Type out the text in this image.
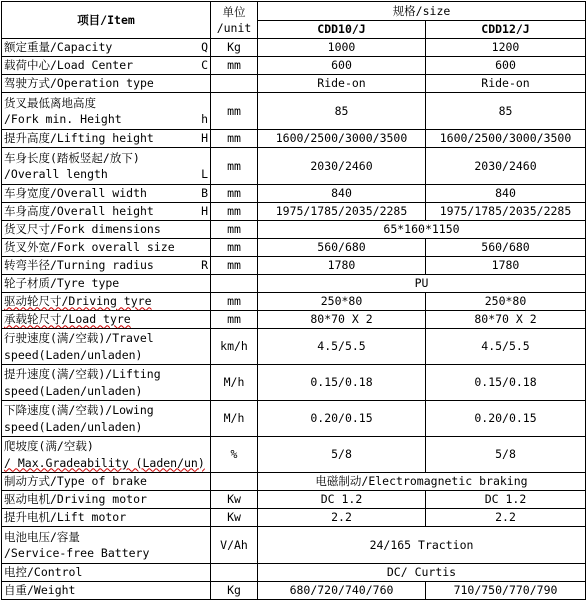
项目/Item	单位
/unit	规格/size	
		CDD10/J	CDD12/J

额定重量/Capacity Q	Kg	1000	1200

载荷中心/Load Center C	mm	600	600

驾驶方式/Operation type		Ride-on	Ride-on

货叉最低离地高度
/Fork min. Height h	mm	85	85

提升高度/Lifting height H	mm	1600/2500/3000/3500	1600/2500/3000/3500

车身长度(踏板竖起/放下)
/Overall length L	mm	2030/2460	2030/2460

车身宽度/Overall width B	mm	840	840

车身高度/Overall height H	mm	1975/1785/2035/2285	1975/1785/2035/2285

货叉尺寸/Fork dimensions	mm	65*160*1150	

货叉外宽/Fork overall size	mm	560/680	560/680

转弯半径/Turning radius R	mm	1780	1780

轮子材质/Tyre type		PU	

驱动轮尺寸/Driving tyre	mm	250*80	250*80

承载轮尺寸/Load tyre	mm	80*70 X 2	80*70 X 2

行驶速度(满/空载)/Travel
speed(Laden/unladen)	km/h	4.5/5.5	4.5/5.5

提升速度(满/空载)/Lifting
speed(Laden/unladen)	M/h	0.15/0.18	0.15/0.18

下降速度(满/空载)/Lowing
speed(Laden/unladen)	M/h	0.20/0.15	0.20/0.15

爬坡度(满/空载)
/ Max.Gradeability (Laden/un)	%	5/8	5/8

制动方式/Type of brake		电磁制动/Electromagnetic braking	

驱动电机/Driving motor	Kw	DC 1.2	DC 1.2

提升电机/Lift motor	Kw	2.2	2.2

电池电压/容量
/Service-free Battery	V/Ah	24/165 Traction	

电控/Control		DC/ Curtis	

自重/Weight	Kg	680/720/740/760	710/750/770/790
